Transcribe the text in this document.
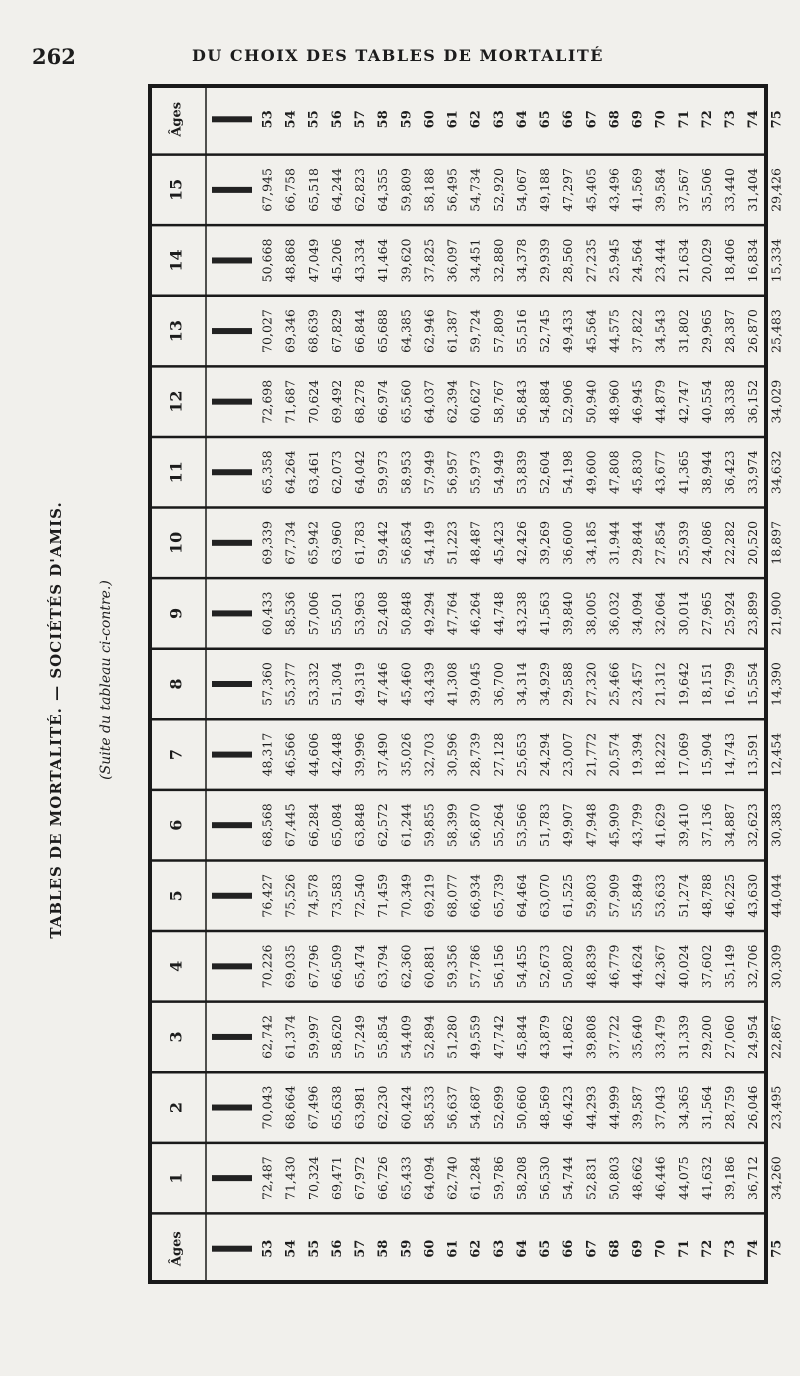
262	DU CHOIX DES TABLES DE MORTALITÉ
TABLES DE MORTALITÉ. — SOCIÉTÉS D'AMIS. (Suite du tableau ci-contre.)
Âges
Âges
1
2
3
4
5
6
7
8
9
10
11
12
13
14
15
53
53
72,487
70,043
62,742
70,226
76,427
68,568
48,317
57,360
60,433
69,339
65,358
72,698
70,027
50,668
67,945
54
54
71,430
68,664
61,374
69,035
75,526
67,445
46,566
55,377
58,536
67,734
64,264
71,687
69,346
48,868
66,758
55
55
70,324
67,496
59,997
67,796
74,578
66,284
44,606
53,332
57,006
65,942
63,461
70,624
68,639
47,049
65,518
56
56
69,471
65,638
58,620
66,509
73,583
65,084
42,448
51,304
55,501
63,960
62,073
69,492
67,829
45,206
64,244
57
57
67,972
63,981
57,249
65,474
72,540
63,848
39,996
49,319
53,963
61,783
64,042
68,278
66,844
43,334
62,823
58
58
66,726
62,230
55,854
63,794
71,459
62,572
37,490
47,446
52,408
59,442
59,973
66,974
65,688
41,464
64,355
59
59
65,433
60,424
54,409
62,360
70,349
61,244
35,026
45,460
50,848
56,854
58,953
65,560
64,385
39,620
59,809
60
60
64,094
58,533
52,894
60,881
69,219
59,855
32,703
43,439
49,294
54,149
57,949
64,037
62,946
37,825
58,188
61
61
62,740
56,637
51,280
59,356
68,077
58,399
30,596
41,308
47,764
51,223
56,957
62,394
61,387
36,097
56,495
62
62
61,284
54,687
49,559
57,786
66,934
56,870
28,739
39,045
46,264
48,487
55,973
60,627
59,724
34,451
54,734
63
63
59,786
52,699
47,742
56,156
65,739
55,264
27,128
36,700
44,748
45,423
54,949
58,767
57,809
32,880
52,920
64
64
58,208
50,660
45,844
54,455
64,464
53,566
25,653
34,314
43,238
42,426
53,839
56,843
55,516
34,378
54,067
65
65
56,530
48,569
43,879
52,673
63,070
51,783
24,294
34,929
41,563
39,269
52,604
54,884
52,745
29,939
49,188
66
66
54,744
46,423
41,862
50,802
61,525
49,907
23,007
29,588
39,840
36,600
54,198
52,906
49,433
28,560
47,297
67
67
52,831
44,293
39,808
48,839
59,803
47,948
21,772
27,320
38,005
34,185
49,600
50,940
45,564
27,235
45,405
68
68
50,803
44,999
37,722
46,779
57,909
45,909
20,574
25,466
36,032
31,944
47,808
48,960
44,575
25,945
43,496
69
69
48,662
39,587
35,640
44,624
55,849
43,799
19,394
23,457
34,094
29,844
45,830
46,945
37,822
24,564
41,569
70
70
46,446
37,043
33,479
42,367
53,633
41,629
18,222
21,312
32,064
27,854
43,677
44,879
34,543
23,444
39,584
71
71
44,075
34,365
31,339
40,024
51,274
39,410
17,069
19,642
30,014
25,939
41,365
42,747
31,802
21,634
37,567
72
72
41,632
31,564
29,200
37,602
48,788
37,136
15,904
18,151
27,965
24,086
38,944
40,554
29,965
20,029
35,506
73
73
39,186
28,759
27,060
35,149
46,225
34,887
14,743
16,799
25,924
22,282
36,423
38,338
28,387
18,406
33,440
74
74
36,712
26,046
24,954
32,706
43,630
32,623
13,591
15,554
23,899
20,520
33,974
36,152
26,870
16,834
31,404
75
75
34,260
23,495
22,867
30,309
44,044
30,383
12,454
14,390
21,900
18,897
34,632
34,029
25,483
15,334
29,426
